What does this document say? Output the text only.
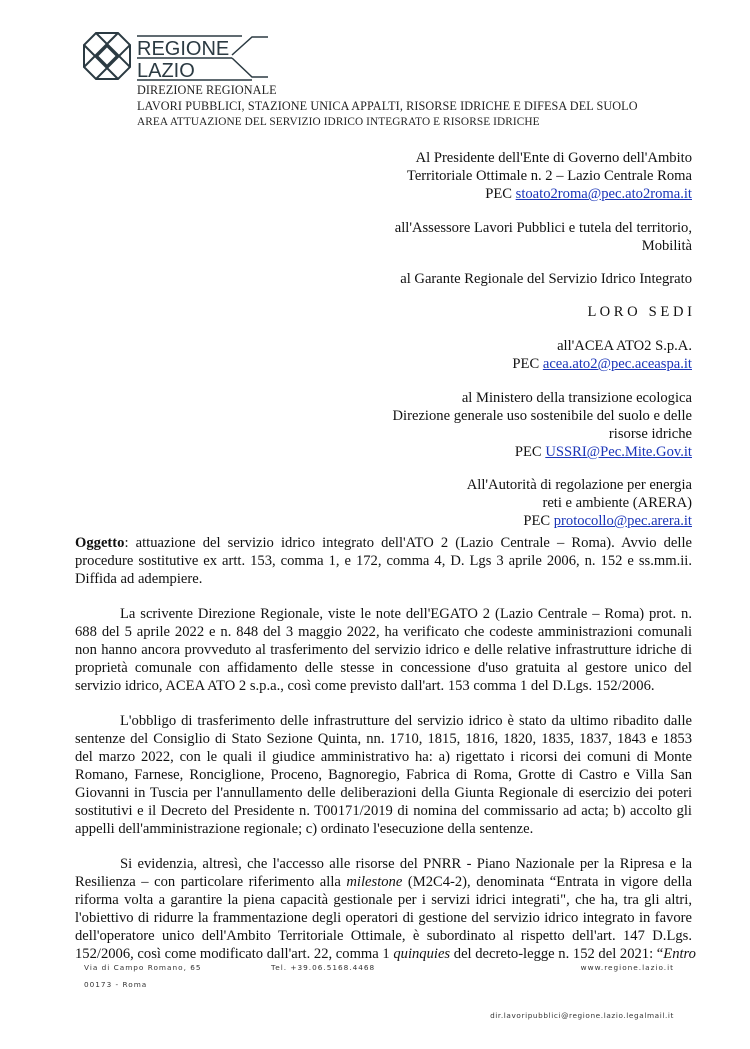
REGIONE
LAZIO
DIREZIONE REGIONALE
LAVORI PUBBLICI, STAZIONE UNICA APPALTI, RISORSE IDRICHE E DIFESA DEL SUOLO
AREA ATTUAZIONE DEL SERVIZIO IDRICO INTEGRATO E RISORSE IDRICHE
Al Presidente dell'Ente di Governo dell'Ambito
Territoriale Ottimale n. 2 – Lazio Centrale Roma
PEC stoato2roma@pec.ato2roma.it
all'Assessore Lavori Pubblici e tutela del territorio,
Mobilità
al Garante Regionale del Servizio Idrico Integrato
L O R O   S E D I
all'ACEA ATO2 S.p.A.
PEC acea.ato2@pec.aceaspa.it
al Ministero della transizione ecologica
Direzione generale uso sostenibile del suolo e delle
risorse idriche
PEC USSRI@Pec.Mite.Gov.it
All'Autorità di regolazione per energia
reti e ambiente (ARERA)
PEC protocollo@pec.arera.it
Oggetto: attuazione del servizio idrico integrato dell'ATO 2 (Lazio Centrale – Roma). Avvio delle
procedure sostitutive ex artt. 153, comma 1, e 172, comma 4, D. Lgs 3 aprile 2006, n. 152 e ss.mm.ii.
Diffida ad adempiere.
La scrivente Direzione Regionale, viste le note dell'EGATO 2 (Lazio Centrale – Roma) prot. n.
688 del 5 aprile 2022 e n. 848 del 3 maggio 2022, ha verificato che codeste amministrazioni comunali
non hanno ancora provveduto al trasferimento del servizio idrico e delle relative infrastrutture idriche di
proprietà comunale con affidamento delle stesse in concessione d'uso gratuita al gestore unico del
servizio idrico, ACEA ATO 2 s.p.a., così come previsto dall'art. 153 comma 1 del D.Lgs. 152/2006.
L'obbligo di trasferimento delle infrastrutture del servizio idrico è stato da ultimo ribadito dalle
sentenze del Consiglio di Stato Sezione Quinta, nn. 1710, 1815, 1816, 1820, 1835, 1837, 1843 e 1853
del marzo 2022, con le quali il giudice amministrativo ha: a) rigettato i ricorsi dei comuni di Monte
Romano, Farnese, Ronciglione, Proceno, Bagnoregio, Fabrica di Roma, Grotte di Castro e Villa San
Giovanni in Tuscia per l'annullamento delle deliberazioni della Giunta Regionale di esercizio dei poteri
sostitutivi e il Decreto del Presidente n. T00171/2019 di nomina del commissario ad acta; b) accolto gli
appelli dell'amministrazione regionale; c) ordinato l'esecuzione della sentenze.
Si evidenzia, altresì, che l'accesso alle risorse del PNRR - Piano Nazionale per la Ripresa e la
Resilienza – con particolare riferimento alla milestone (M2C4-2), denominata “Entrata in vigore della
riforma volta a garantire la piena capacità gestionale per i servizi idrici integrati", che ha, tra gli altri,
l'obiettivo di ridurre la frammentazione degli operatori di gestione del servizio idrico integrato in favore
dell'operatore unico dell'Ambito Territoriale Ottimale, è subordinato al rispetto dell'art. 147 D.Lgs.
152/2006, così come modificato dall'art. 22, comma 1 quinquies del decreto-legge n. 152 del 2021: “Entro
Via di Campo Romano, 65
00173 - Roma
Tel. +39.06.5168.4468	www.regione.lazio.it
dir.lavoripubblici@regione.lazio.legalmail.it
